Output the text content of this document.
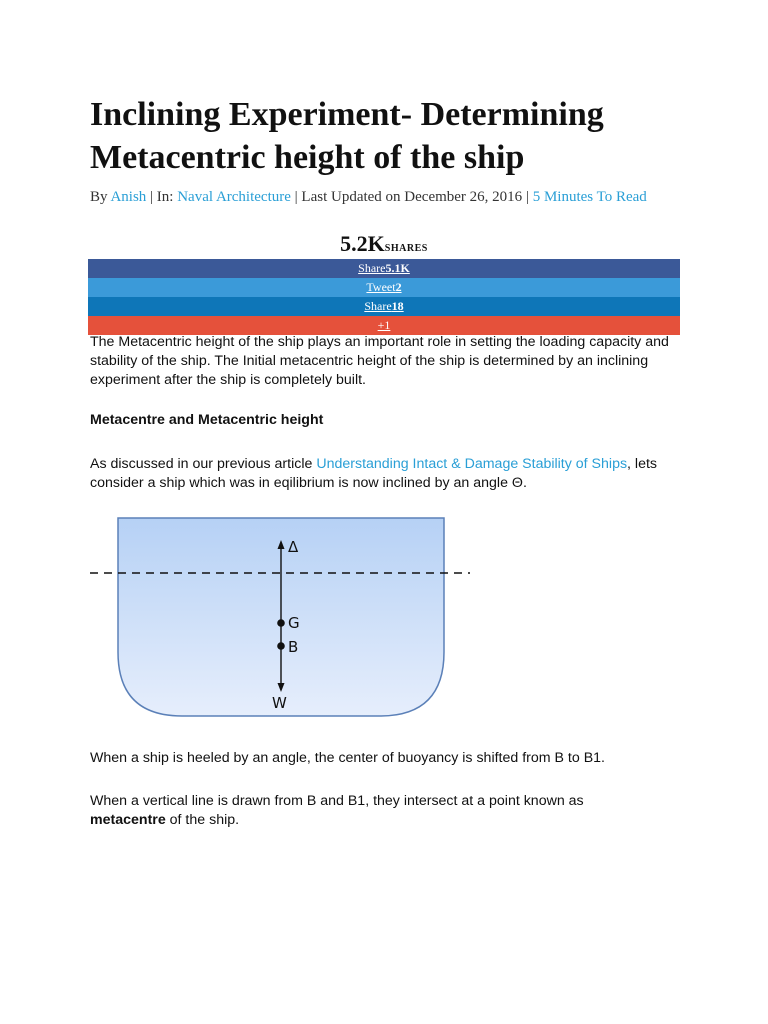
Inclining Experiment- Determining Metacentric height of the ship
By Anish | In: Naval Architecture | Last Updated on December 26, 2016 | 5 Minutes To Read
5.2KSHARES
Share5.1K
Tweet2
Share18
+1

The Metacentric height of the ship plays an important role in setting the loading capacity and stability of the ship. The Initial metacentric height of the ship is determined by an inclining experiment after the ship is completely built.

Metacentre and Metacentric height

As discussed in our previous article Understanding Intact & Damage Stability of Ships, lets consider a ship which was in eqilibrium is now inclined by an angle Θ.

Δ
G
B
W

When a ship is heeled by an angle, the center of buoyancy is shifted from B to B1.

When a vertical line is drawn from B and B1, they intersect at a point known as metacentre of the ship.
